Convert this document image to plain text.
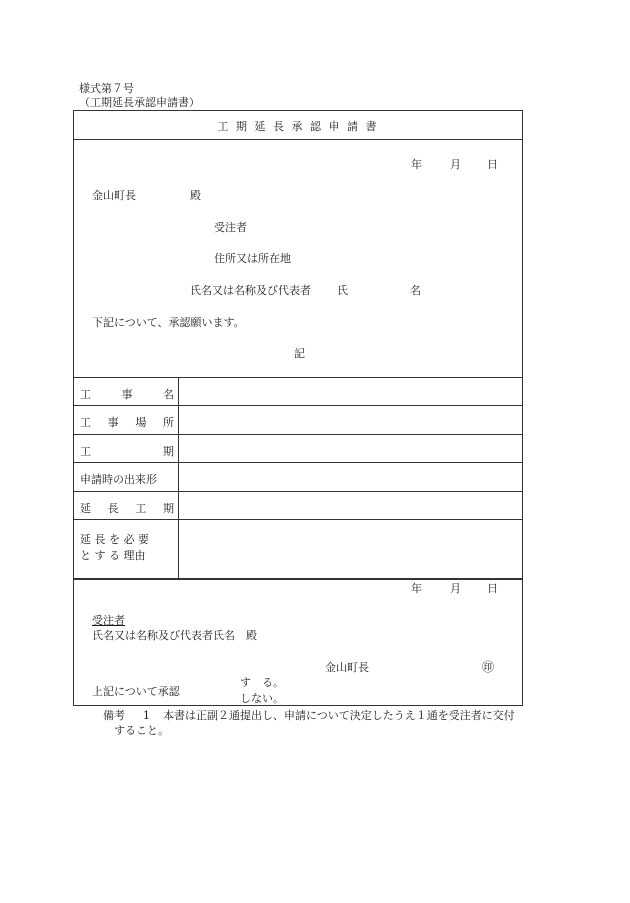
様式第７号
（工期延長承認申請書）
工 期 延 長 承 認 申 請 書
年	月 日
金山町長	殿
受注者
住所又は所在地
氏名又は名称及び代表者 氏	名
下記について、承認願います。
記
工	事	名
工 事 場 所
工	期
申請時の出来形
延 長 工 期
延 長 を 必 要
と す る 理由
年	月 日
受注者
氏名又は名称及び代表者氏名　殿
金山町長	㊞
上記について承認
す　る。
しない。
備考 1 本書は正副２通提出し、申請について決定したうえ１通を受注者に交付
すること。
